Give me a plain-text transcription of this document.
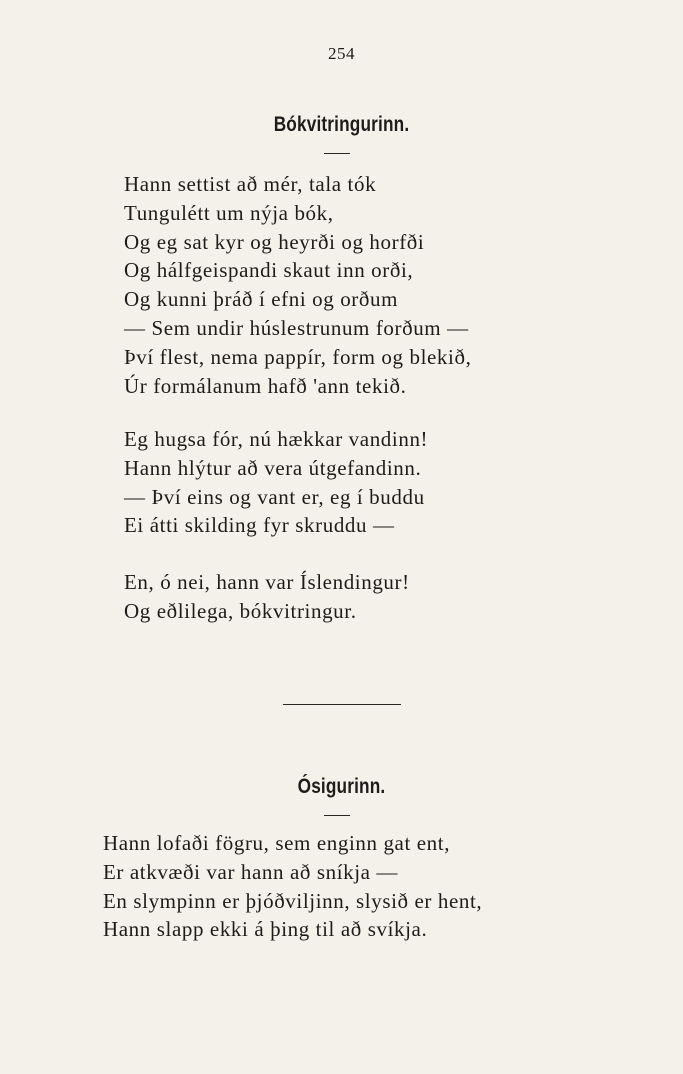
254
Bókvitringurinn.
Hann settist að mér, tala tók
Tungulétt um nýja bók,
Og eg sat kyr og heyrði og horfði
Og hálfgeispandi skaut inn orði,
Og kunni þráð í efni og orðum
— Sem undir húslestrunum forðum —
Því flest, nema pappír, form og blekið,
Úr formálanum hafð 'ann tekið.
Eg hugsa fór, nú hækkar vandinn!
Hann hlýtur að vera útgefandinn.
— Því eins og vant er, eg í buddu
Ei átti skilding fyr skruddu —
En, ó nei, hann var Íslendingur!
Og eðlilega, bókvitringur.
Ósigurinn.
Hann lofaði fögru, sem enginn gat ent,
Er atkvæði var hann að sníkja —
En slympinn er þjóðviljinn, slysið er hent,
Hann slapp ekki á þing til að svíkja.
